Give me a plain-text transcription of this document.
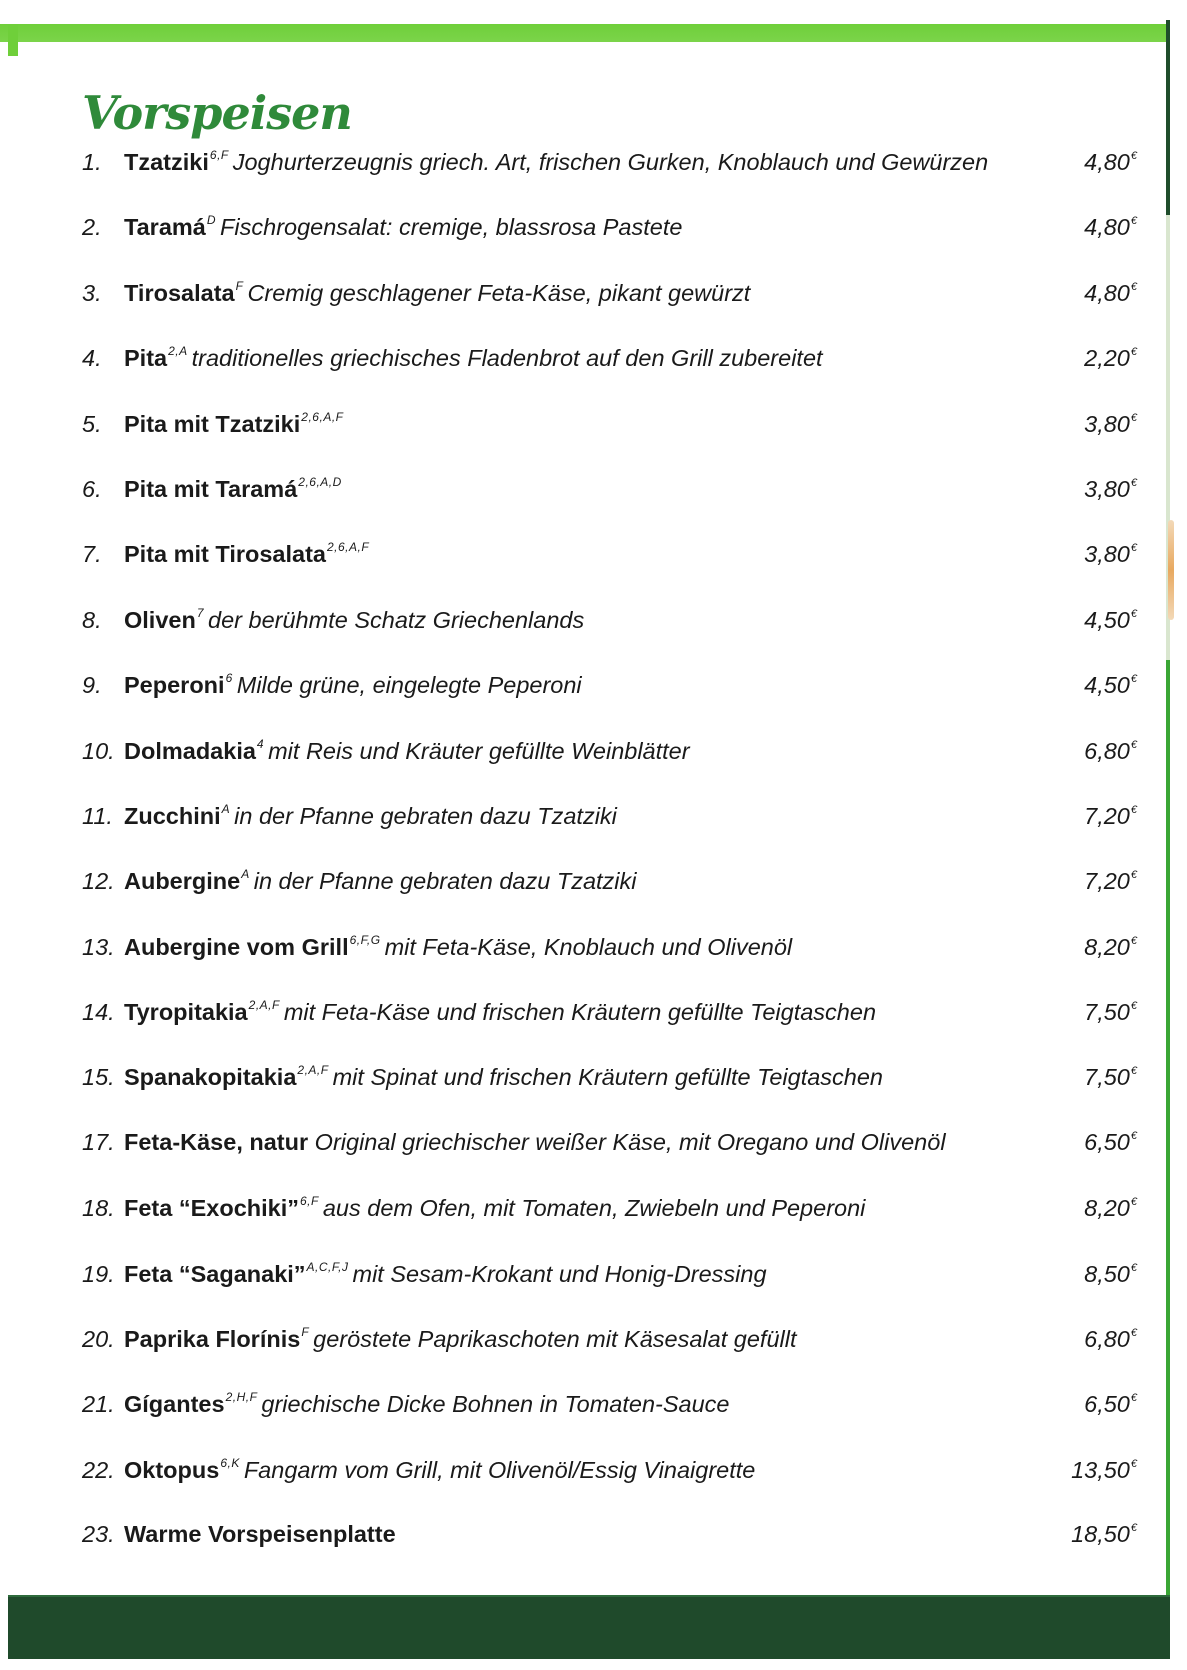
Vorspeisen
1. Tzatziki$^{6,F}$ Joghurterzeugnis griech. Art, frischen Gurken, Knoblauch und Gewürzen	4,80€
2. Taramá$^D$ Fischrogensalat: cremige, blassrosa Pastete	4,80€
3. Tirosalata$^F$ Cremig geschlagener Feta-Käse, pikant gewürzt	4,80€
4. Pita$^{2,A}$ traditionelles griechisches Fladenbrot auf den Grill zubereitet	2,20€
5. Pita mit Tzatziki$^{2,6,A,F}$	3,80€
6. Pita mit Taramá$^{2,6,A,D}$	3,80€
7. Pita mit Tirosalata$^{2,6,A,F}$	3,80€
8. Oliven$^7$ der berühmte Schatz Griechenlands	4,50€
9. Peperoni$^6$ Milde grüne, eingelegte Peperoni	4,50€
10. Dolmadakia$^4$ mit Reis und Kräuter gefüllte Weinblätter	6,80€
11. Zucchini$^A$ in der Pfanne gebraten dazu Tzatziki	7,20€
12. Aubergine$^A$ in der Pfanne gebraten dazu Tzatziki	7,20€
13. Aubergine vom Grill$^{6,F,G}$ mit Feta-Käse, Knoblauch und Olivenöl	8,20€
14. Tyropitakia$^{2,A,F}$ mit Feta-Käse und frischen Kräutern gefüllte Teigtaschen	7,50€
15. Spanakopitakia$^{2,A,F}$ mit Spinat und frischen Kräutern gefüllte Teigtaschen	7,50€
17. Feta-Käse, natur Original griechischer weißer Käse, mit Oregano und Olivenöl	6,50€
18. Feta “Exochiki”$^{6,F}$ aus dem Ofen, mit Tomaten, Zwiebeln und Peperoni	8,20€
19. Feta “Saganaki”$^{A,C,F,J}$ mit Sesam-Krokant und Honig-Dressing	8,50€
20. Paprika Florínis$^F$ geröstete Paprikaschoten mit Käsesalat gefüllt	6,80€
21. Gígantes$^{2,H,F}$ griechische Dicke Bohnen in Tomaten-Sauce	6,50€
22. Oktopus$^{6,K}$ Fangarm vom Grill, mit Olivenöl/Essig Vinaigrette	13,50€
23. Warme Vorspeisenplatte	18,50€
